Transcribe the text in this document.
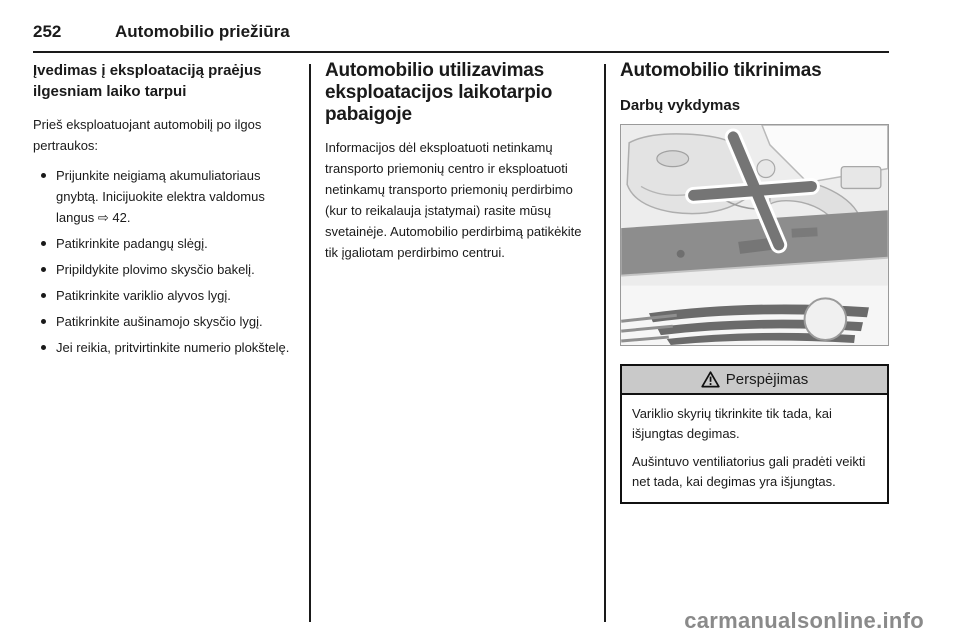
252	Automobilio priežiūra
Įvedimas į eksploataciją praėjus ilgesniam laiko tarpui
Prieš eksploatuojant automobilį po ilgos pertraukos:
Prijunkite neigiamą akumuliatoriaus gnybtą. Inicijuokite elektra valdomus langus ⇨ 42.
Patikrinkite padangų slėgį.
Pripildykite plovimo skysčio bakelį.
Patikrinkite variklio alyvos lygį.
Patikrinkite aušinamojo skysčio lygį.
Jei reikia, pritvirtinkite numerio plokštelę.
Automobilio utilizavimas eksploatacijos laikotarpio pabaigoje
Informacijos dėl eksploatuoti netinkamų transporto priemonių centro ir eksploatuoti netinkamų transporto priemonių perdirbimo (kur to reikalauja įstatymai) rasite mūsų svetainėje. Automobilio perdirbimą patikėkite tik įgaliotam perdirbimo centrui.
Automobilio tikrinimas
Darbų vykdymas
Perspėjimas

Variklio skyrių tikrinkite tik tada, kai išjungtas degimas.

Aušintuvo ventiliatorius gali pradėti veikti net tada, kai degimas yra išjungtas.

carmanualsonline.info
